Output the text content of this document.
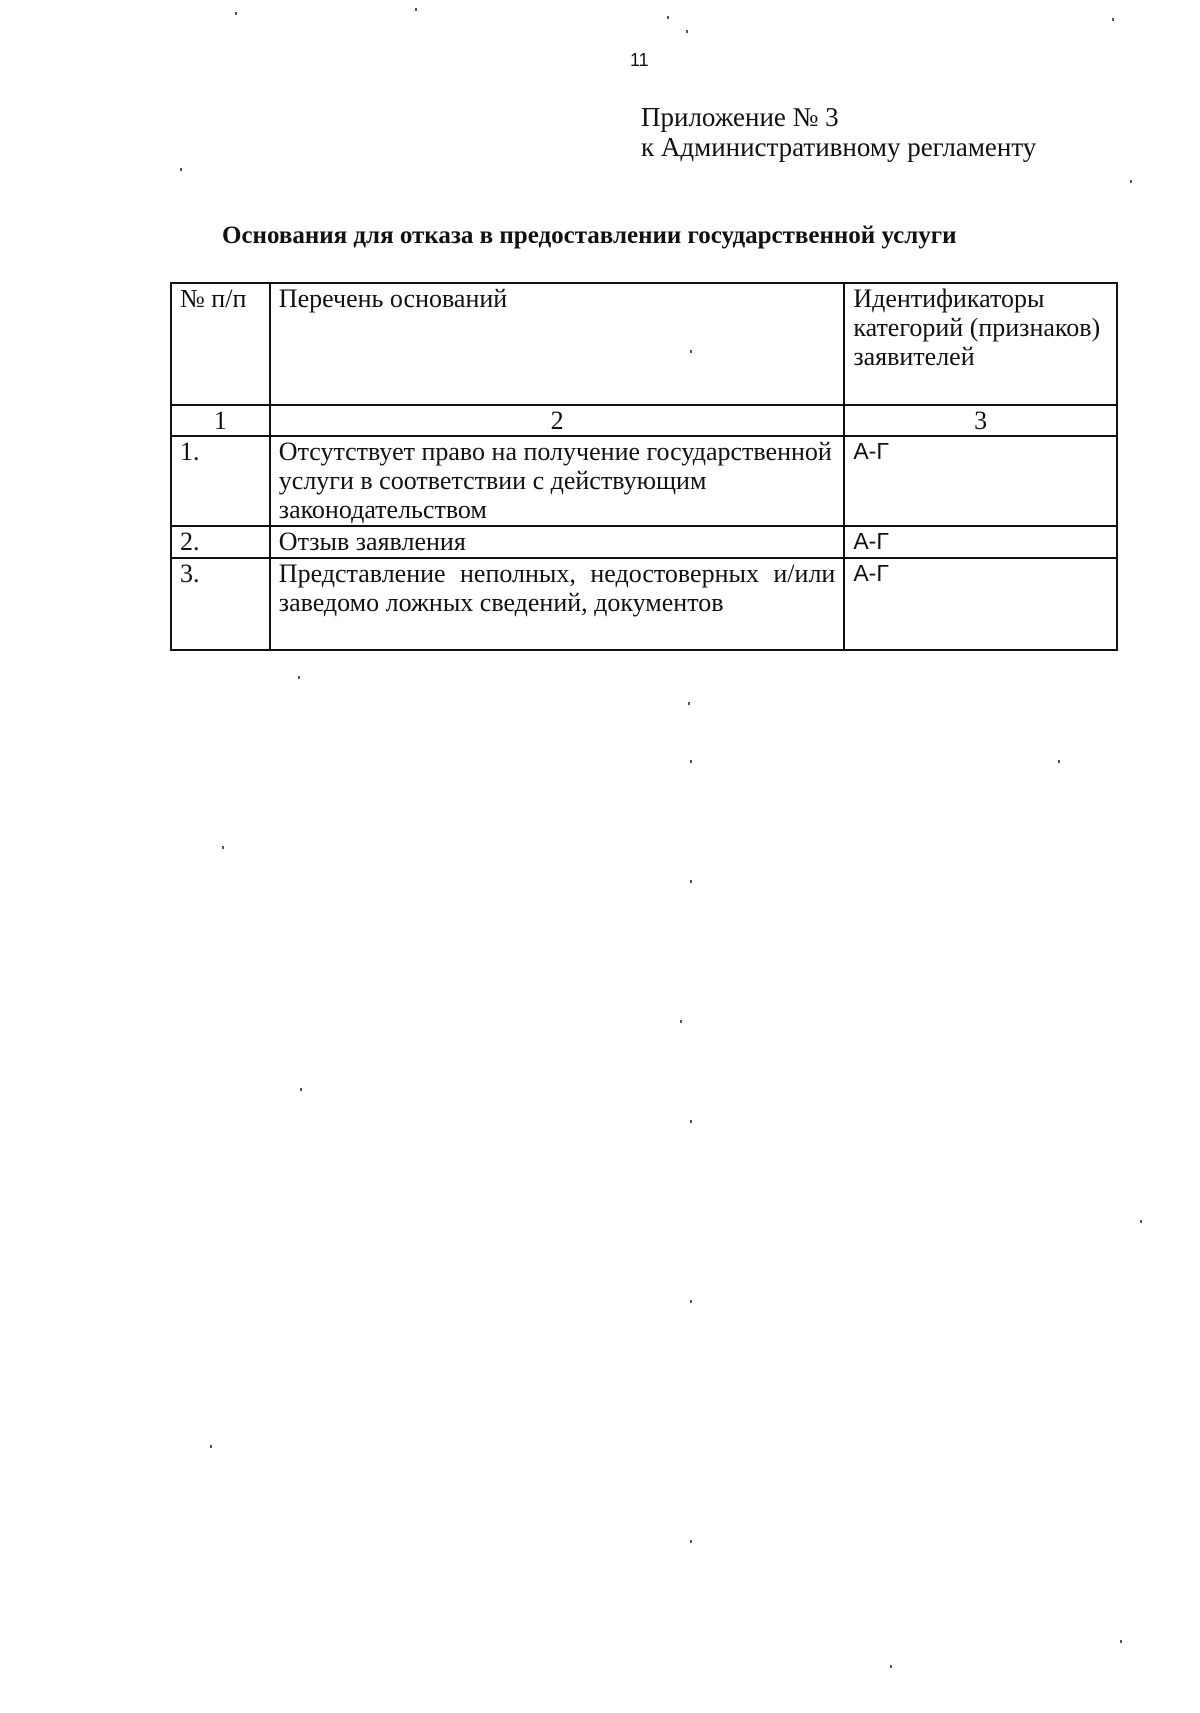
11
Приложение № 3
к Административному регламенту
Основания для отказа в предоставлении государственной услуги
№ п/п	Перечень оснований	Идентификаторы категорий (признаков) заявителей
1	2	3
1.	Отсутствует право на получение государственной услуги в соответствии с действующим законодательством	А-Г
2.	Отзыв заявления	А-Г
3.	Представление неполных, недостоверных и/или заведомо ложных сведений, документов	А-Г
